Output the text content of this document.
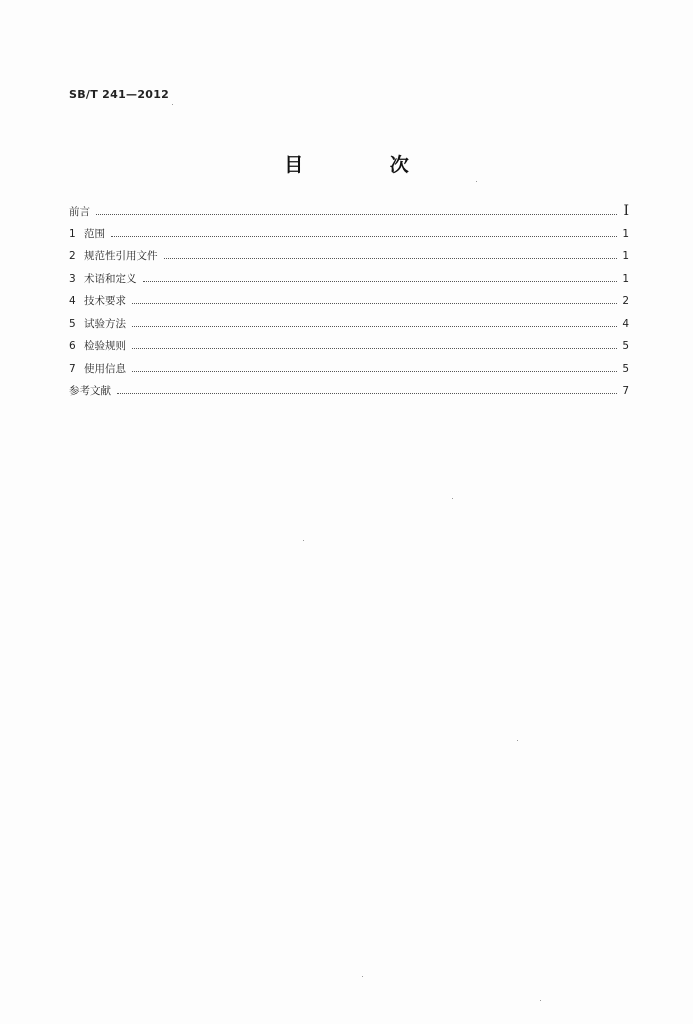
SB/T 241—2012
目 次
前言	I
1 范围	1
2 规范性引用文件	1
3 术语和定义	1
4 技术要求	2
5 试验方法	4
6 检验规则	5
7 使用信息	5
参考文献	7
